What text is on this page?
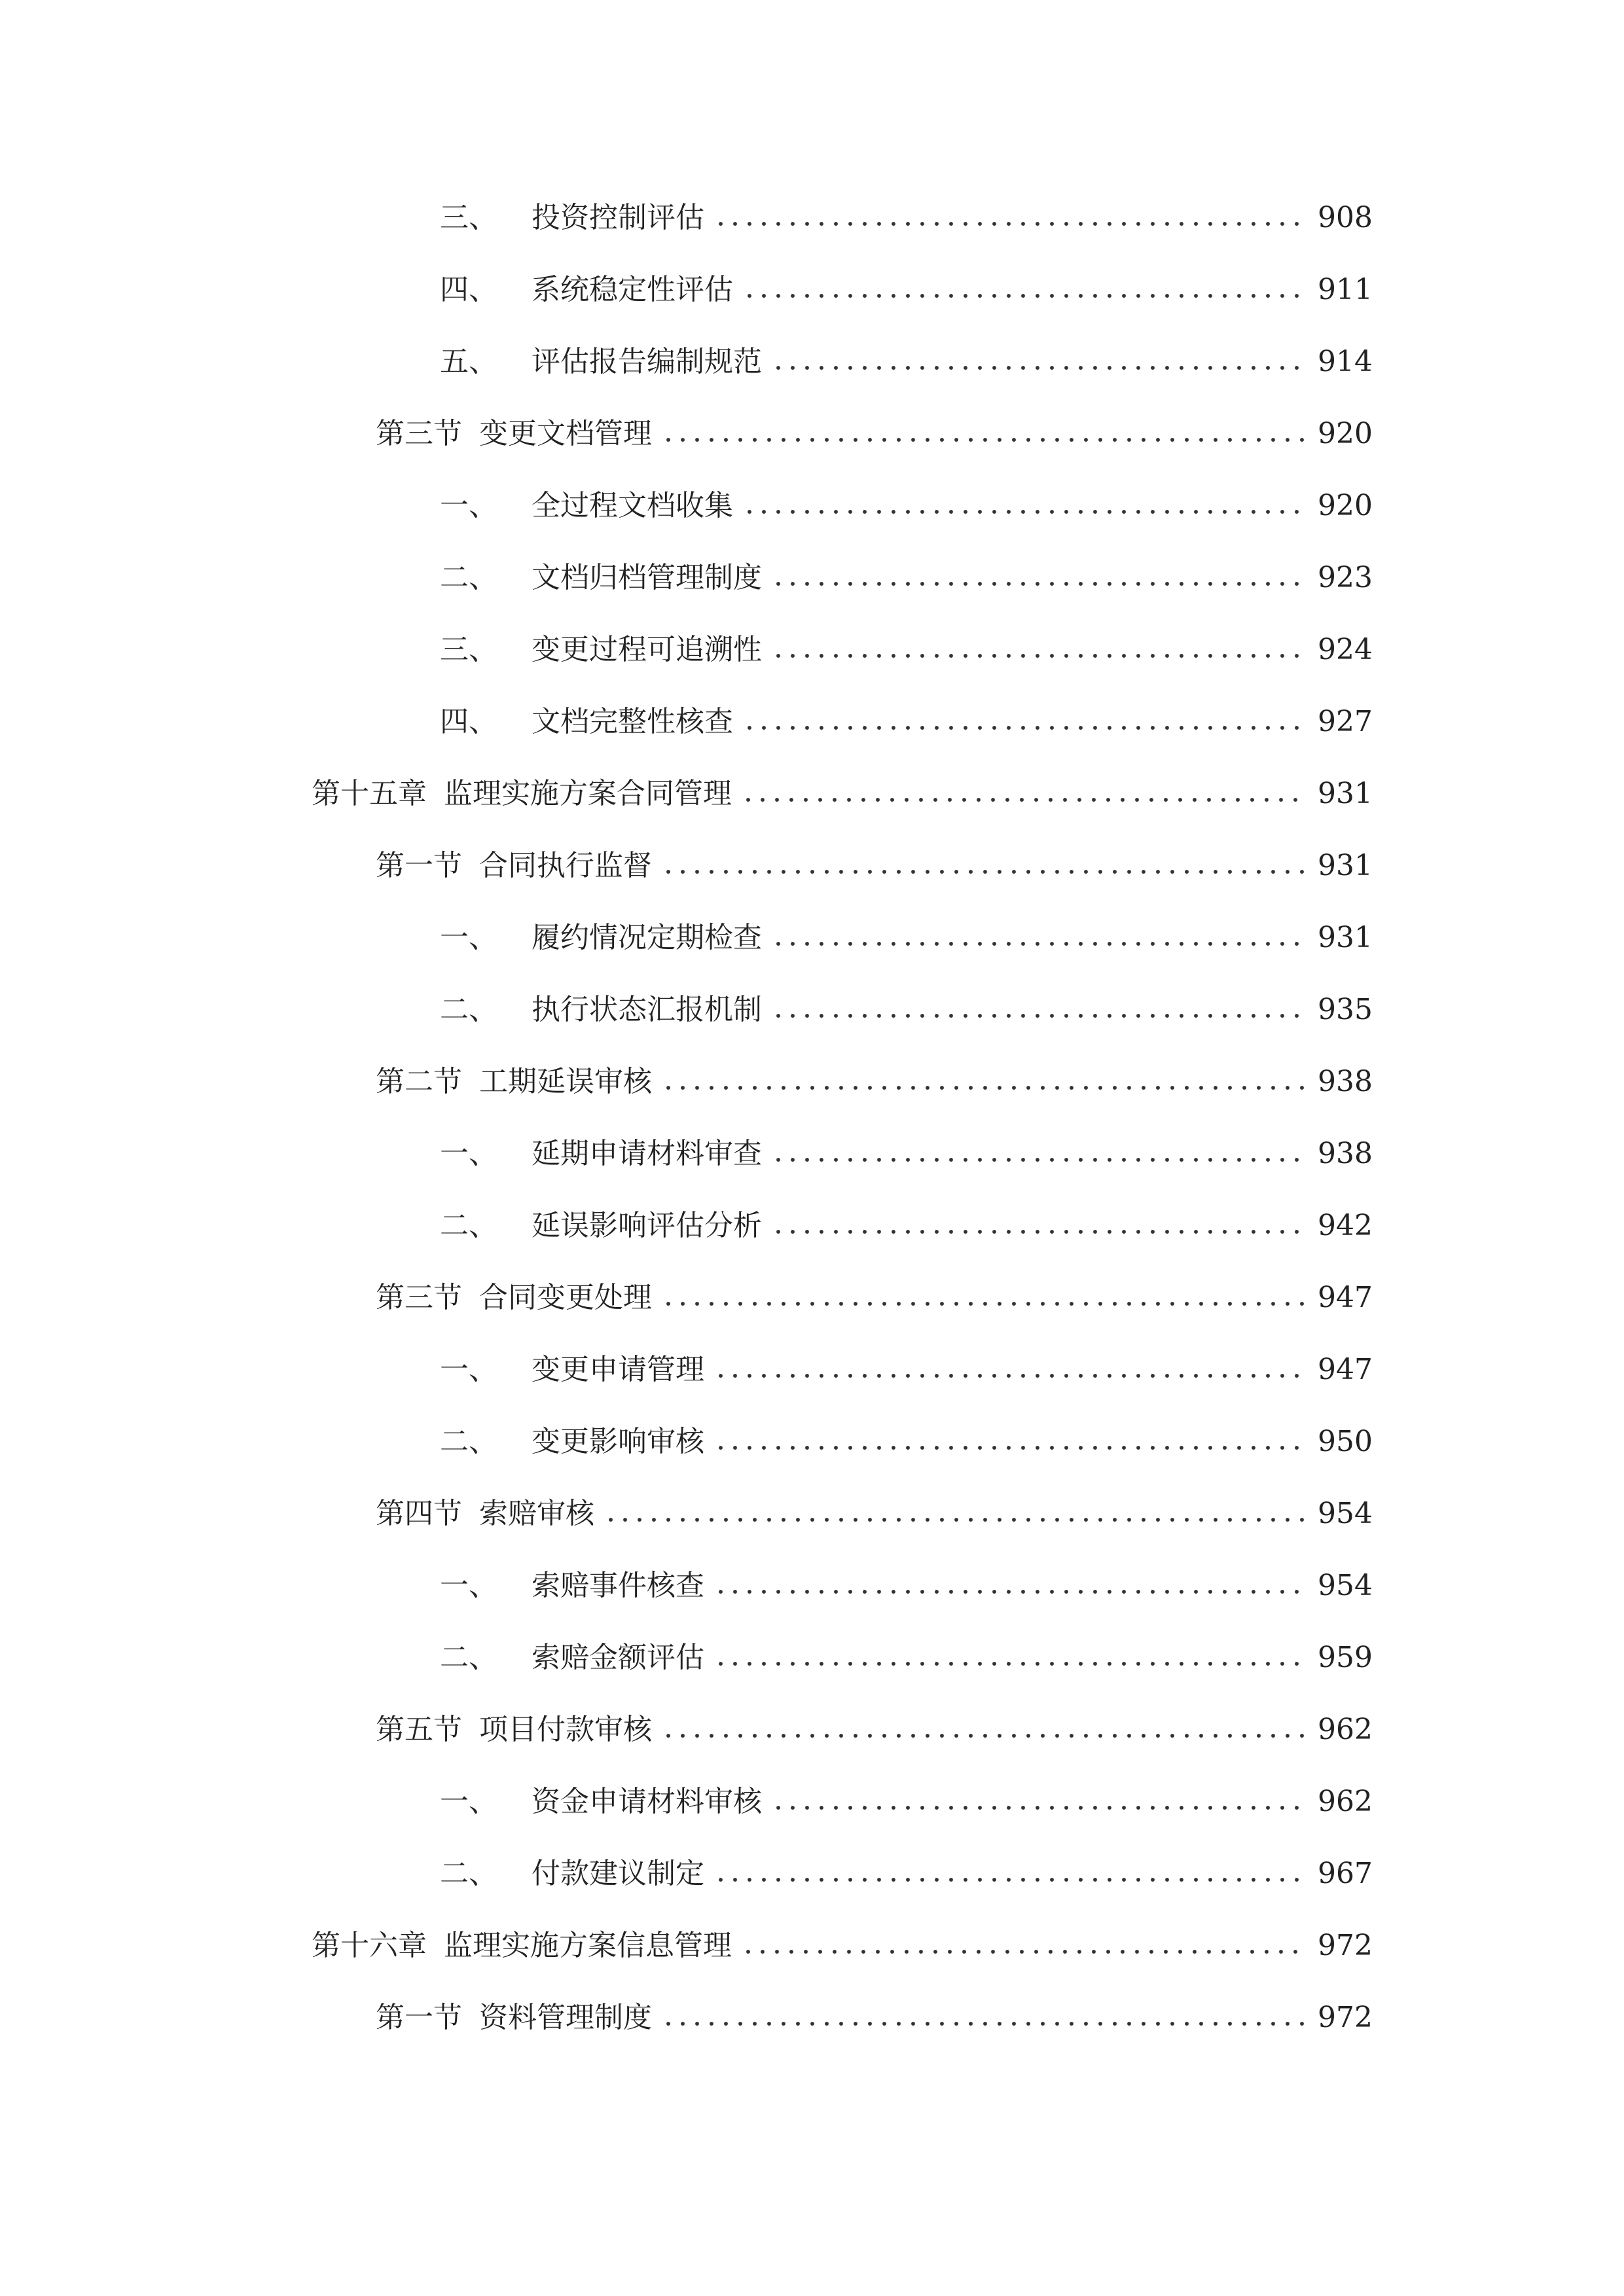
三、 投资控制评估	908
四、 系统稳定性评估	911
五、 评估报告编制规范	914
第三节 变更文档管理	920
一、 全过程文档收集	920
二、 文档归档管理制度	923
三、 变更过程可追溯性	924
四、 文档完整性核查	927
第十五章 监理实施方案合同管理	931
第一节 合同执行监督	931
一、 履约情况定期检查	931
二、 执行状态汇报机制	935
第二节 工期延误审核	938
一、 延期申请材料审查	938
二、 延误影响评估分析	942
第三节 合同变更处理	947
一、 变更申请管理	947
二、 变更影响审核	950
第四节 索赔审核	954
一、 索赔事件核查	954
二、 索赔金额评估	959
第五节 项目付款审核	962
一、 资金申请材料审核	962
二、 付款建议制定	967
第十六章 监理实施方案信息管理	972
第一节 资料管理制度	972
